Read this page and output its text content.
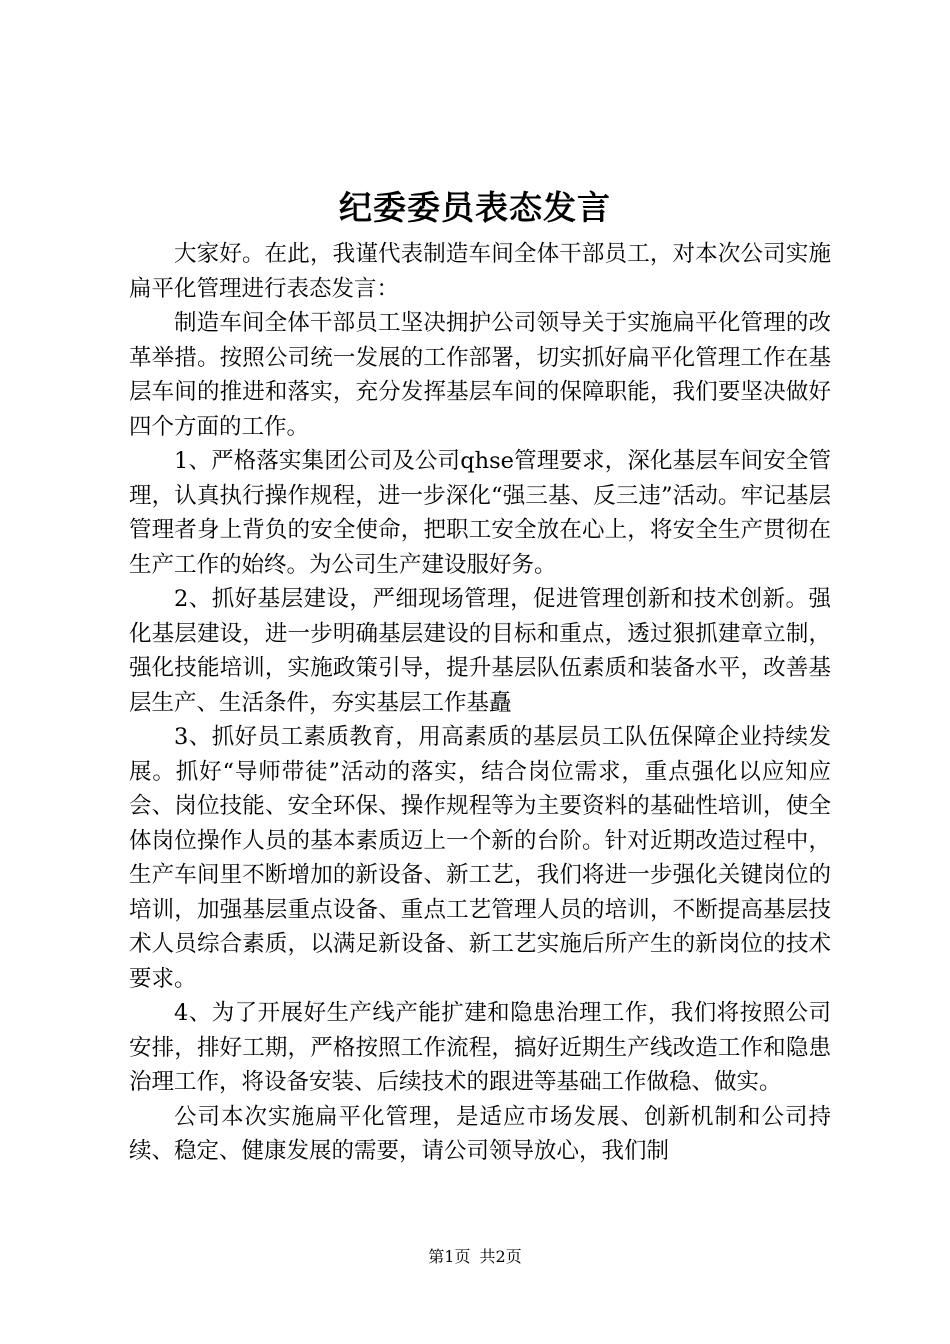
纪委委员表态发言

大家好。在此，我谨代表制造车间全体干部员工，对本次公司实施扁平化管理进行表态发言：

制造车间全体干部员工坚决拥护公司领导关于实施扁平化管理的改革举措。按照公司统一发展的工作部署，切实抓好扁平化管理工作在基层车间的推进和落实，充分发挥基层车间的保障职能，我们要坚决做好四个方面的工作。

1、严格落实集团公司及公司qhse管理要求，深化基层车间安全管理，认真执行操作规程，进一步深化“强三基、反三违”活动。牢记基层管理者身上背负的安全使命，把职工安全放在心上，将安全生产贯彻在生产工作的始终。为公司生产建设服好务。

2、抓好基层建设，严细现场管理，促进管理创新和技术创新。强化基层建设，进一步明确基层建设的目标和重点，透过狠抓建章立制，强化技能培训，实施政策引导，提升基层队伍素质和装备水平，改善基层生产、生活条件，夯实基层工作基矗

3、抓好员工素质教育，用高素质的基层员工队伍保障企业持续发展。抓好“导师带徒”活动的落实，结合岗位需求，重点强化以应知应会、岗位技能、安全环保、操作规程等为主要资料的基础性培训，使全体岗位操作人员的基本素质迈上一个新的台阶。针对近期改造过程中，生产车间里不断增加的新设备、新工艺，我们将进一步强化关键岗位的培训，加强基层重点设备、重点工艺管理人员的培训，不断提高基层技术人员综合素质，以满足新设备、新工艺实施后所产生的新岗位的技术要求。

4、为了开展好生产线产能扩建和隐患治理工作，我们将按照公司安排，排好工期，严格按照工作流程，搞好近期生产线改造工作和隐患治理工作，将设备安装、后续技术的跟进等基础工作做稳、做实。

公司本次实施扁平化管理，是适应市场发展、创新机制和公司持续、稳定、健康发展的需要，请公司领导放心，我们制

第1页 共2页
